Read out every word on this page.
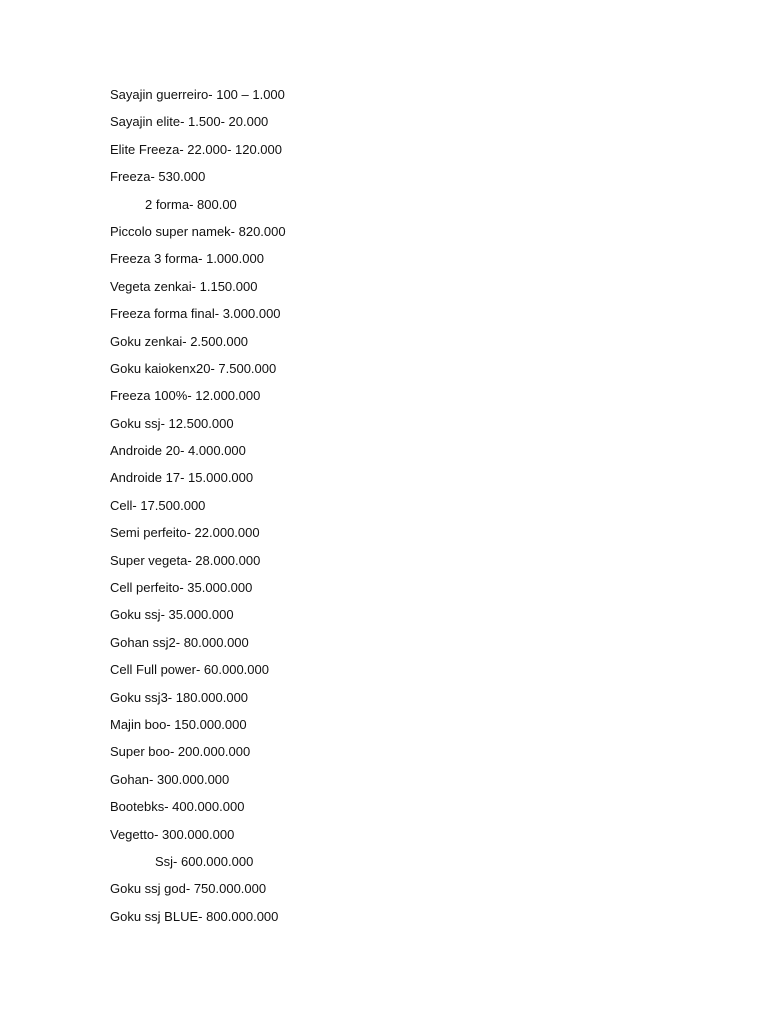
Sayajin guerreiro- 100 – 1.000
Sayajin elite- 1.500- 20.000
Elite Freeza- 22.000- 120.000
Freeza- 530.000
2 forma- 800.00
Piccolo super namek- 820.000
Freeza 3 forma- 1.000.000
Vegeta zenkai- 1.150.000
Freeza forma final- 3.000.000
Goku zenkai- 2.500.000
Goku kaiokenx20- 7.500.000
Freeza 100%- 12.000.000
Goku ssj- 12.500.000
Androide 20- 4.000.000
Androide 17- 15.000.000
Cell- 17.500.000
Semi perfeito- 22.000.000
Super vegeta- 28.000.000
Cell perfeito- 35.000.000
Goku ssj- 35.000.000
Gohan ssj2- 80.000.000
Cell Full power- 60.000.000
Goku ssj3- 180.000.000
Majin boo- 150.000.000
Super boo- 200.000.000
Gohan- 300.000.000
Bootebks- 400.000.000
Vegetto- 300.000.000
Ssj- 600.000.000
Goku ssj god- 750.000.000
Goku ssj BLUE- 800.000.000
